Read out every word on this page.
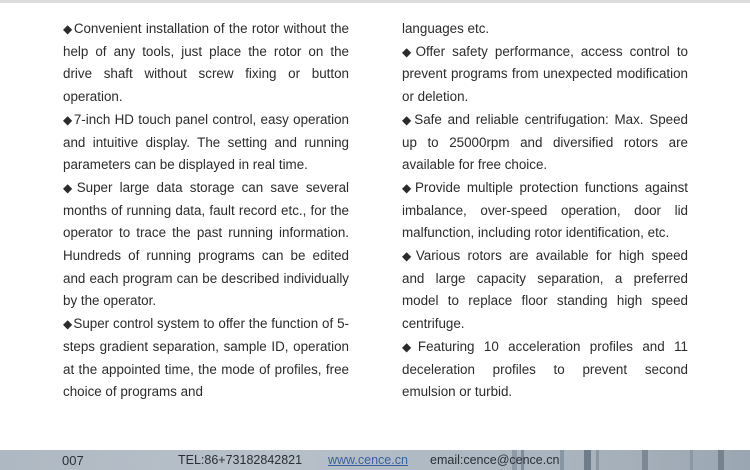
◆Convenient installation of the rotor without the help of any tools, just place the rotor on the drive shaft without screw fixing or button operation.

◆7-inch HD touch panel control, easy operation and intuitive display. The setting and running parameters can be displayed in real time.

◆Super large data storage can save several months of running data, fault record etc., for the operator to trace the past running information. Hundreds of running programs can be edited and each program can be described individually by the operator.

◆Super control system to offer the function of 5-steps gradient separation, sample ID, operation at the appointed time, the mode of profiles, free choice of programs and

languages etc.

◆Offer safety performance, access control to prevent programs from unexpected modification or deletion.

◆Safe and reliable centrifugation: Max. Speed up to 25000rpm and diversified rotors are available for free choice.

◆Provide multiple protection functions against imbalance, over-speed operation, door lid malfunction, including rotor identification, etc.

◆Various rotors are available for high speed and large capacity separation, a preferred model to replace floor standing high speed centrifuge.

◆Featuring 10 acceleration profiles and 11 deceleration profiles to prevent second emulsion or turbid.

007	TEL:86+73182842821 www.cence.cn email:cence@cence.cn
